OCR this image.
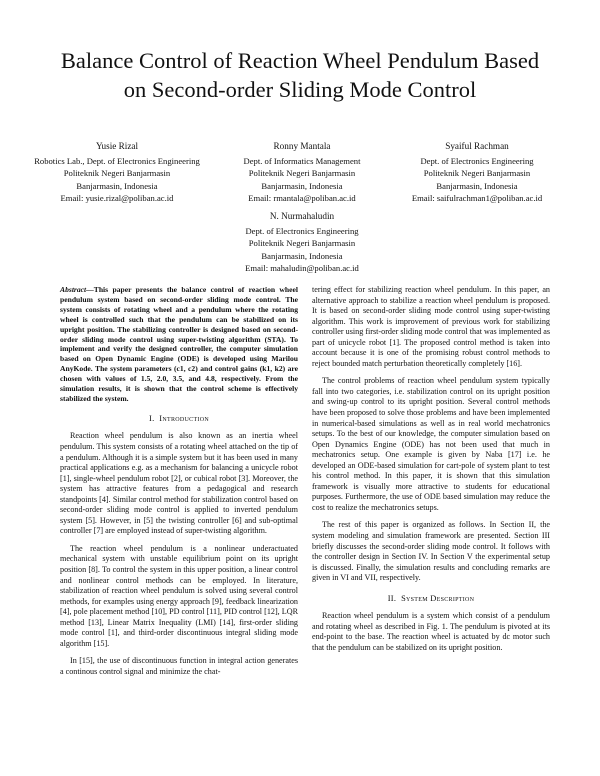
Balance Control of Reaction Wheel Pendulum Based
on Second-order Sliding Mode Control
Yusie Rizal
Robotics Lab., Dept. of Electronics Engineering
Politeknik Negeri Banjarmasin
Banjarmasin, Indonesia
Email: yusie.rizal@poliban.ac.id
Ronny Mantala
Dept. of Informatics Management
Politeknik Negeri Banjarmasin
Banjarmasin, Indonesia
Email: rmantala@poliban.ac.id
Syaiful Rachman
Dept. of Electronics Engineering
Politeknik Negeri Banjarmasin
Banjarmasin, Indonesia
Email: saifulrachman1@poliban.ac.id
N. Nurmahaludin
Dept. of Electronics Engineering
Politeknik Negeri Banjarmasin
Banjarmasin, Indonesia
Email: mahaludin@poliban.ac.id
Abstract—This paper presents the balance control of reaction wheel pendulum system based on second-order sliding mode control. The system consists of rotating wheel and a pendulum where the rotating wheel is controlled such that the pendulum can be stabilized on its upright position. The stabilizing controller is designed based on second-order sliding mode control using super-twisting algorithm (STA). To implement and verify the designed controller, the computer simulation based on Open Dynamic Engine (ODE) is developed using Marilou AnyKode. The system parameters (c1, c2) and control gains (k1, k2) are chosen with values of 1.5, 2.0, 3.5, and 4.8, respectively. From the simulation results, it is shown that the control scheme is effectively stabilized the system.
I. Introduction

Reaction wheel pendulum is also known as an inertia wheel pendulum. This system consists of a rotating wheel attached on the tip of a pendulum. Although it is a simple system but it has been used in many practical applications e.g. as a mechanism for balancing a unicycle robot [1], single-wheel pendulum robot [2], or cubical robot [3]. Moreover, the system has attractive features from a pedagogical and research standpoints [4]. Similar control method for stabilization control based on second-order sliding mode control is applied to inverted pendulum system [5]. However, in [5] the twisting controller [6] and sub-optimal controller [7] are employed instead of super-twisting algorithm.

The reaction wheel pendulum is a nonlinear underactuated mechanical system with unstable equilibrium point on its upright position [8]. To control the system in this upper position, a linear control and nonlinear control methods can be employed. In literature, stabilization of reaction wheel pendulum is solved using several control methods, for examples using energy approach [9], feedback linearization [4], pole placement method [10], PD control [11], PID control [12], LQR method [13], Linear Matrix Inequality (LMI) [14], first-order sliding mode control [1], and third-order discontinuous integral sliding mode algorithm [15].

In [15], the use of discontinuous function in integral action generates a continous control signal and minimize the chat-

tering effect for stabilizing reaction wheel pendulum. In this paper, an alternative approach to stabilize a reaction wheel pendulum is proposed. It is based on second-order sliding mode control using super-twisting algorithm. This work is improvement of previous work for stabilizing controller using first-order sliding mode control that was implemented as part of unicycle robot [1]. The proposed control method is taken into account because it is one of the promising robust control methods to reject bounded match perturbation theoretically completely [16].

The control problems of reaction wheel pendulum system typically fall into two categories, i.e. stabilization control on its upright position and swing-up control to its upright position. Several control methods have been proposed to solve those problems and have been implemented in numerical-based simulations as well as in real world mechatronics setups. To the best of our knowledge, the computer simulation based on Open Dynamics Engine (ODE) has not been used that much in mechatronics setup. One example is given by Naba [17] i.e. he developed an ODE-based simulation for cart-pole of system plant to test his control method. In this paper, it is shown that this simulation framework is visually more attractive to students for educational purposes. Furthermore, the use of ODE based simulation may reduce the cost to realize the mechatronics setups.

The rest of this paper is organized as follows. In Section II, the system modeling and simulation framework are presented. Section III briefly discusses the second-order sliding mode control. It follows with the controller design in Section IV. In Section V the experimental setup is discussed. Finally, the simulation results and concluding remarks are given in VI and VII, respectively.

II. System Description

Reaction wheel pendulum is a system which consist of a pendulum and rotating wheel as described in Fig. 1. The pendulum is pivoted at its end-point to the base. The reaction wheel is actuated by dc motor such that the pendulum can be stabilized on its upright position.
